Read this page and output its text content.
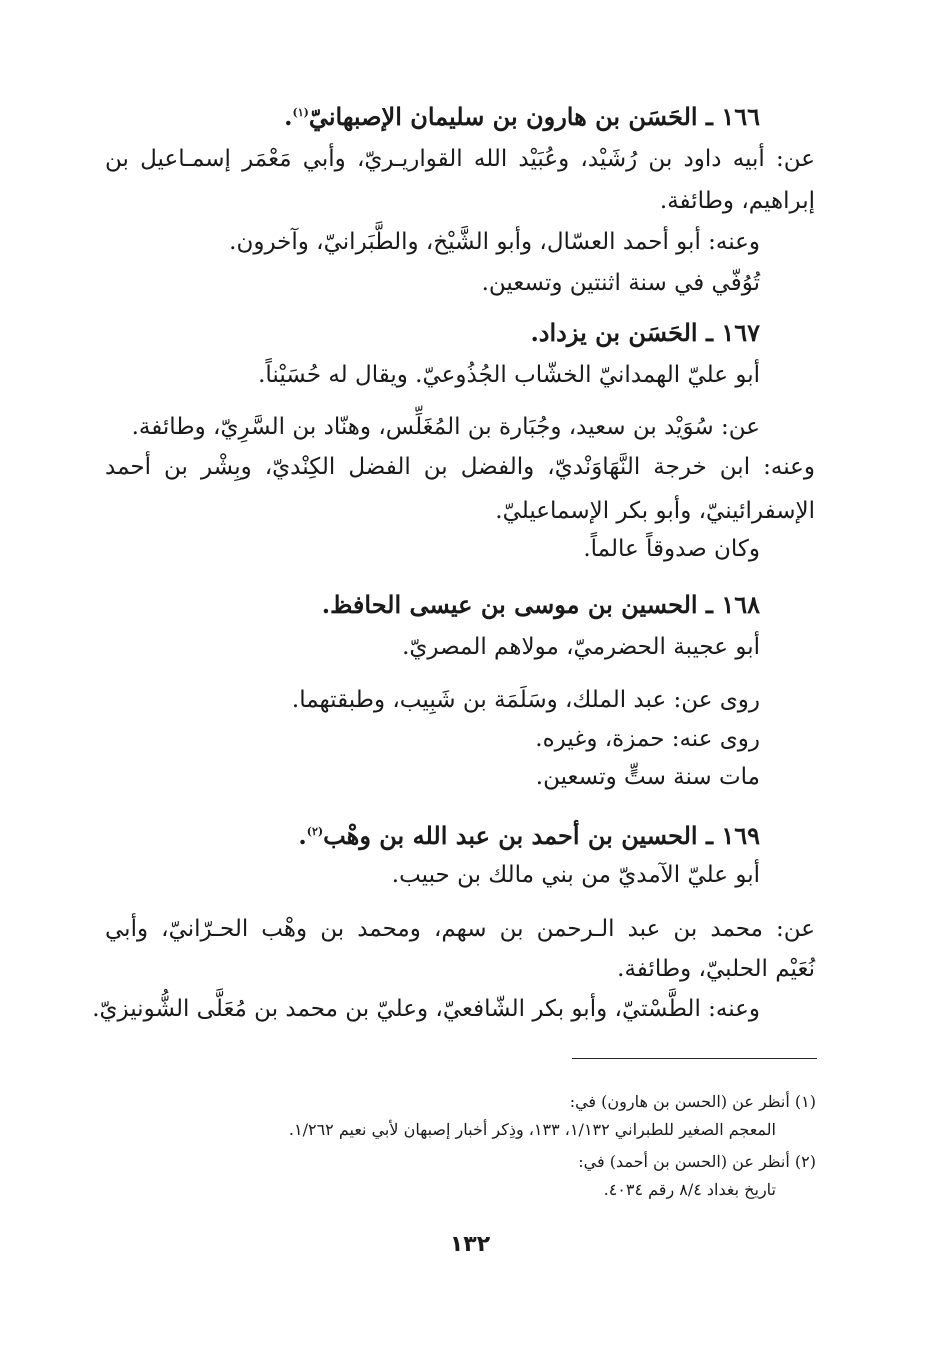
١٦٦ ـ الحَسَن بن هارون بن سليمان الإصبهانيّ$^{(١)}$.
عن: أبيه داود بن رُشَيْد، وعُبَيْد الله القواريـريّ، وأبي مَعْمَر إسمـاعيل بن
إبراهيم، وطائفة.
وعنه: أبو أحمد العسّال، وأبو الشَّيْخ، والطَّبَرانيّ، وآخرون.
تُوُفّي في سنة اثنتين وتسعين.
١٦٧ ـ الحَسَن بن يزداد.
أبو عليّ الهمدانيّ الخشّاب الجُذُوعيّ. ويقال له حُسَيْناً.
عن: سُوَيْد بن سعيد، وجُبَارة بن المُغَلِّس، وهنّاد بن السَّرِيّ، وطائفة.
وعنه: ابن خرجة النَّهَاوَنْديّ، والفضل بن الفضل الكِنْديّ، وبِشْر بن أحمد
الإسفرائينيّ، وأبو بكر الإسماعيليّ.
وكان صدوقاً عالماً.
١٦٨ ـ الحسين بن موسى بن عيسى الحافظ.
أبو عجيبة الحضرميّ، مولاهم المصريّ.
روى عن: عبد الملك، وسَلَمَة بن شَبِيب، وطبقتهما.
روى عنه: حمزة، وغيره.
مات سنة ستٍّ وتسعين.
١٦٩ ـ الحسين بن أحمد بن عبد الله بن وهْب$^{(٢)}$.
أبو عليّ الآمديّ من بني مالك بن حبيب.
عن: محمد بن عبد الـرحمن بن سهم، ومحمد بن وهْب الحـرّانيّ، وأبي
نُعَيْم الحلبيّ، وطائفة.
وعنه: الطَّسْتيّ، وأبو بكر الشّافعيّ، وعليّ بن محمد بن مُعَلَّى الشُّونيزيّ.
(١) أنظر عن (الحسن بن هارون) في:
المعجم الصغير للطبراني ١/١٣٢، ١٣٣، وذِكر أخبار إصبهان لأبي نعيم ١/٢٦٢.
(٢) أنظر عن (الحسن بن أحمد) في:
تاريخ بغداد ٨/٤ رقم ٤٠٣٤.
١٣٢
